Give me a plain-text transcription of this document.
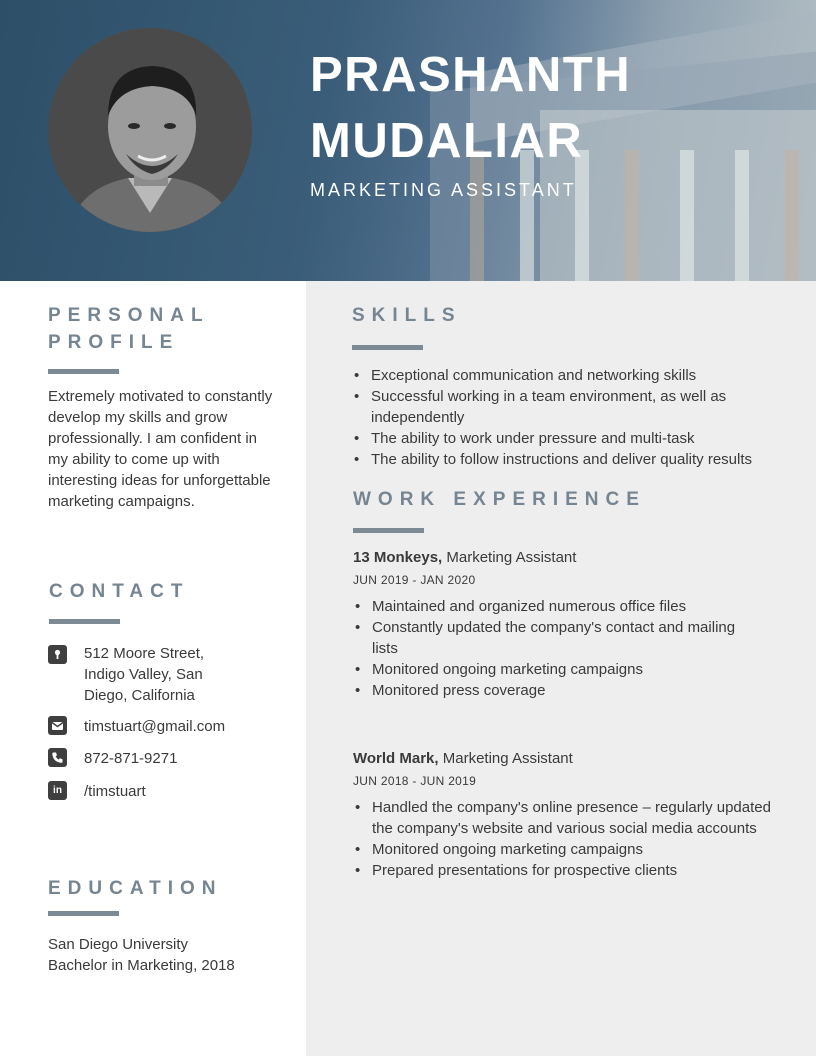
PRASHANTH
MUDALIAR
MARKETING ASSISTANT
PERSONAL
PROFILE
Extremely motivated to constantly develop my skills and grow professionally. I am confident in my ability to come up with interesting ideas for unforgettable marketing campaigns.
CONTACT
512 Moore Street, Indigo Valley, San Diego, California
timstuart@gmail.com
872-871-9271
in	/timstuart
EDUCATION
San Diego University
Bachelor in Marketing, 2018
SKILLS
• Exceptional communication and networking skills
• Successful working in a team environment, as well as independently
• The ability to work under pressure and multi-task
• The ability to follow instructions and deliver quality results
WORK EXPERIENCE
13 Monkeys, Marketing Assistant
JUN 2019 - JAN 2020
• Maintained and organized numerous office files
• Constantly updated the company's contact and mailing lists
• Monitored ongoing marketing campaigns
• Monitored press coverage
World Mark, Marketing Assistant
JUN 2018 - JUN 2019
• Handled the company's online presence – regularly updated the company's website and various social media accounts
• Monitored ongoing marketing campaigns
• Prepared presentations for prospective clients
